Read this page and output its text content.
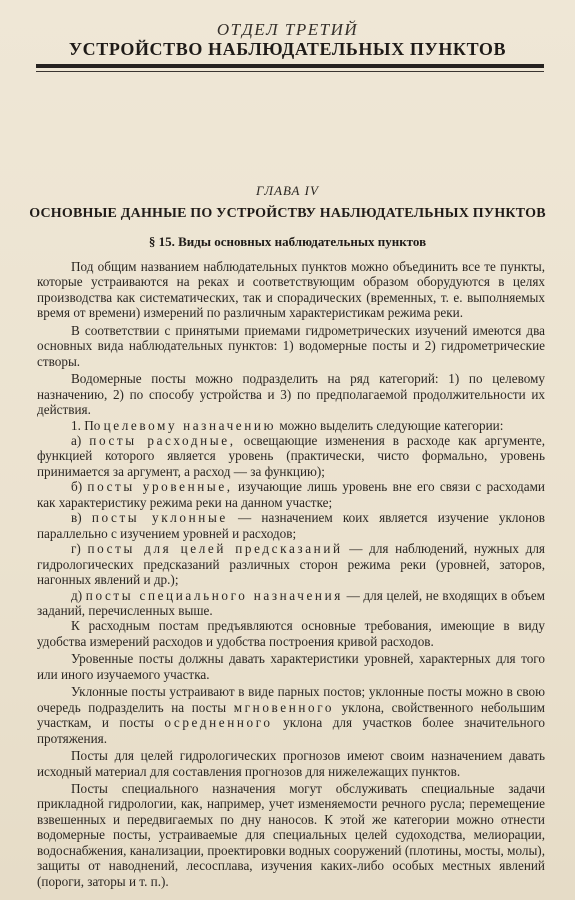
ОТДЕЛ ТРЕТИЙ
УСТРОЙСТВО НАБЛЮДАТЕЛЬНЫХ ПУНКТОВ
ГЛАВА IV
ОСНОВНЫЕ ДАННЫЕ ПО УСТРОЙСТВУ НАБЛЮДАТЕЛЬНЫХ ПУНКТОВ
§ 15. Виды основных наблюдательных пунктов

Под общим названием наблюдательных пунктов можно объединить все те пункты, которые устраиваются на реках и соответствующим образом оборудуются в целях производства как систематических, так и спорадических (временных, т. е. выполняемых время от времени) измерений по различным характеристикам режима реки.

В соответствии с принятыми приемами гидрометрических изучений имеются два основных вида наблюдательных пунктов: 1) водомерные посты и 2) гидрометрические створы.

Водомерные посты можно подразделить на ряд категорий: 1) по целевому назначению, 2) по способу устройства и 3) по предполагаемой продолжительности их действия.

1. По целевому назначению можно выделить следующие категории:

а) посты расходные, освещающие изменения в расходе как аргументе, функцией которого является уровень (практически, чисто формально, уровень принимается за аргумент, а расход — за функцию);

б) посты уровенные, изучающие лишь уровень вне его связи с расходами как характеристику режима реки на данном участке;

в) посты уклонные — назначением коих является изучение уклонов параллельно с изучением уровней и расходов;

г) посты для целей предсказаний — для наблюдений, нужных для гидрологических предсказаний различных сторон режима реки (уровней, заторов, нагонных явлений и др.);

д) посты специального назначения — для целей, не входящих в объем заданий, перечисленных выше.

К расходным постам предъявляются основные требования, имеющие в виду удобства измерений расходов и удобства построения кривой расходов.

Уровенные посты должны давать характеристики уровней, характерных для того или иного изучаемого участка.

Уклонные посты устраивают в виде парных постов; уклонные посты можно в свою очередь подразделить на посты мгновенного уклона, свойственного небольшим участкам, и посты осредненного уклона для участков более значительного протяжения.

Посты для целей гидрологических прогнозов имеют своим назначением давать исходный материал для составления прогнозов для нижележащих пунктов.

Посты специального назначения могут обслуживать специальные задачи прикладной гидрологии, как, например, учет изменяемости речного русла; перемещение взвешенных и передвигаемых по дну наносов. К этой же категории можно отнести водомерные посты, устраиваемые для специальных целей судоходства, мелиорации, водоснабжения, канализации, проектировки водных сооружений (плотины, мосты, молы), защиты от наводнений, лесосплава, изучения каких-либо особых местных явлений (пороги, заторы и т. п.).
